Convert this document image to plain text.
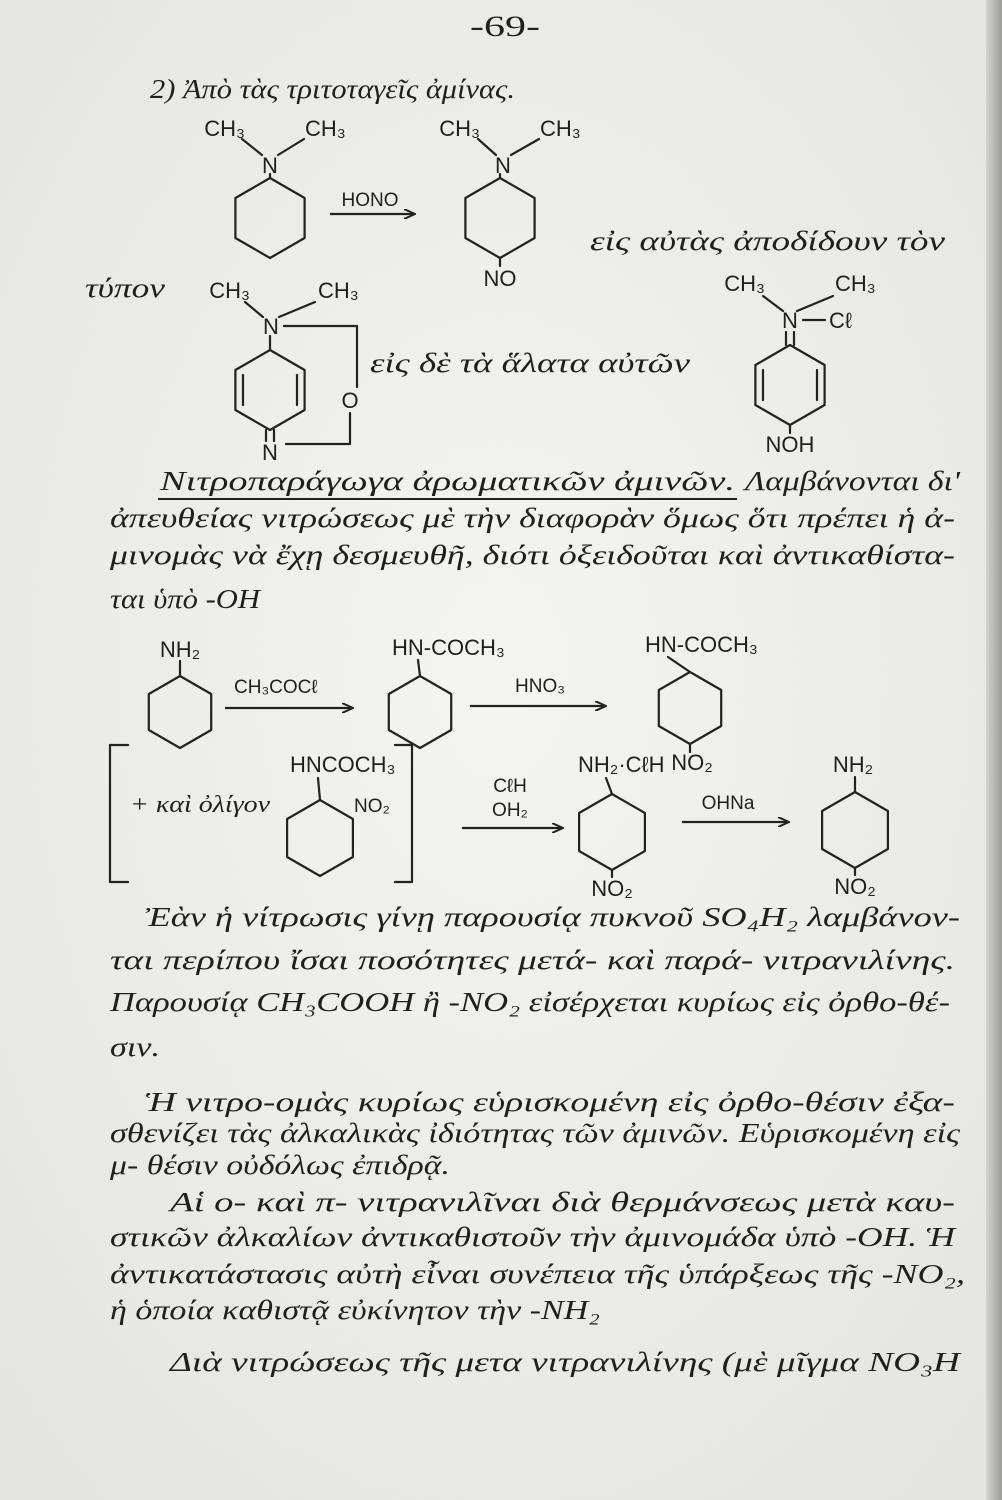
-69-
2) Ἀπὸ τὰς τριτοταγεῖς ἀμίνας.
CH₃	CH₃
N
HONO
CH₃	CH₃
N
NO
εἰς αὐτὰς ἀποδίδουν τὸν
τύπον CH₃	CH₃
N
O
N
εἰς δὲ τὰ ἅλατα αὐτῶν
CH₃	CH₃
N Cℓ
NOH
Νιτροπαράγωγα ἀρωματικῶν ἀμινῶν. Λαμβάνονται δι'
ἀπευθείας νιτρώσεως μὲ τὴν διαφορὰν ὅμως ὅτι πρέπει ἡ ἀ-
μινομὰς νὰ ἔχῃ δεσμευθῆ, διότι ὀξειδοῦται καὶ ἀντικαθίστα-
ται ὑπὸ -OH
NH₂
CH₃COCℓ
HN-COCH₃
HNO₃
HN-COCH₃
NO₂
+ καὶ ὀλίγον
HNCOCH₃
NO₂
CℓH
OH₂
NH₂·CℓH
NO₂
OHNa
NH₂
NO₂
Ἐὰν ἡ νίτρωσις γίνῃ παρουσίᾳ πυκνοῦ SO₄H₂ λαμβάνον-
ται περίπου ἴσαι ποσότητες μετά- καὶ παρά- νιτρανιλίνης.
Παρουσίᾳ CH₃COOH ἢ -NO₂ εἰσέρχεται κυρίως εἰς ὀρθο-θέ-
σιν.
Ἡ νιτρο-ομὰς κυρίως εὑρισκομένη εἰς ὀρθο-θέσιν ἐξα-
σθενίζει τὰς ἀλκαλικὰς ἰδιότητας τῶν ἀμινῶν. Εὑρισκομένη εἰς
μ- θέσιν οὐδόλως ἐπιδρᾷ.
Αἱ ο- καὶ π- νιτρανιλῖναι διὰ θερμάνσεως μετὰ καυ-
στικῶν ἀλκαλίων ἀντικαθιστοῦν τὴν ἀμινομάδα ὑπὸ -OH. Ἡ
ἀντικατάστασις αὐτὴ εἶναι συνέπεια τῆς ὑπάρξεως τῆς -NO₂,
ἡ ὁποία καθιστᾷ εὐκίνητον τὴν -NH₂
Διὰ νιτρώσεως τῆς μετα νιτρανιλίνης (μὲ μῖγμα NO₃H
